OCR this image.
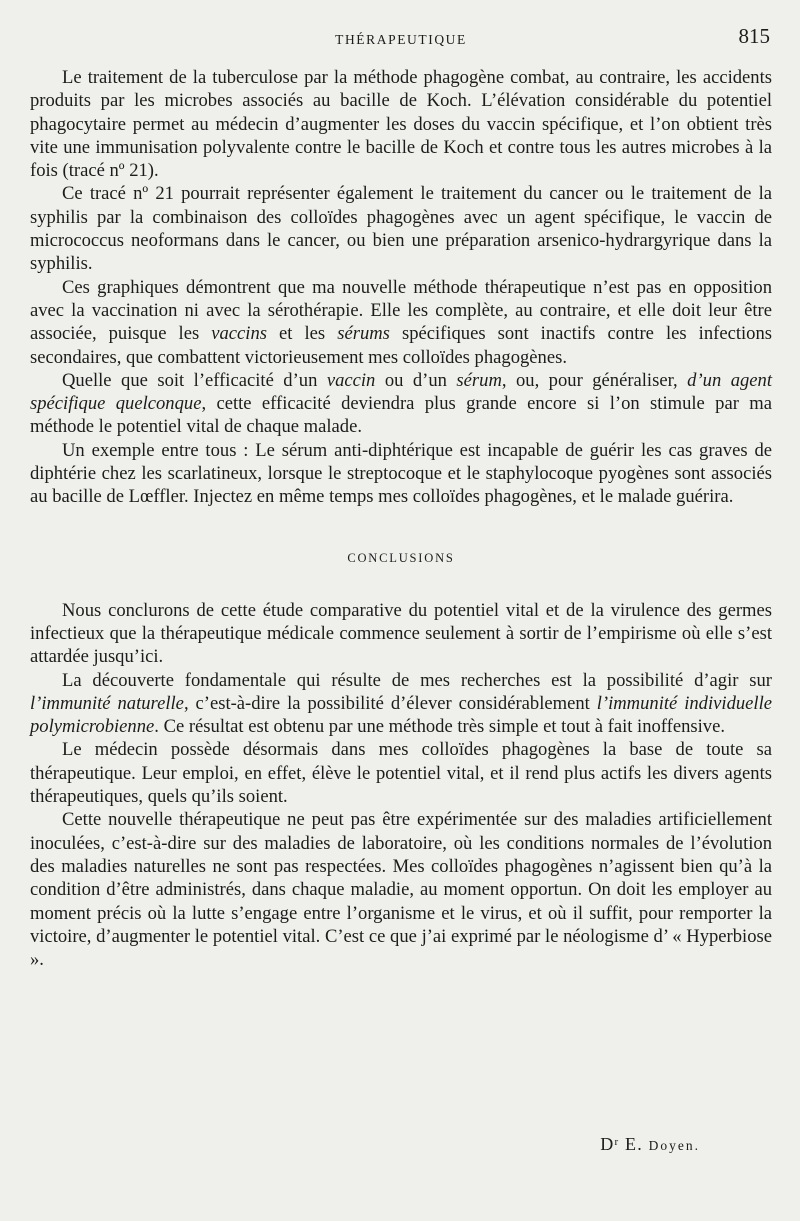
THÉRAPEUTIQUE	815

Le traitement de la tuberculose par la méthode phagogène combat, au contraire, les accidents produits par les microbes associés au bacille de Koch. L’élévation considérable du potentiel phagocytaire permet au médecin d’augmenter les doses du vaccin spécifique, et l’on obtient très vite une immunisation polyvalente contre le bacille de Koch et contre tous les autres microbes à la fois (tracé nº 21).

Ce tracé nº 21 pourrait représenter également le traitement du cancer ou le traitement de la syphilis par la combinaison des colloïdes phagogènes avec un agent spécifique, le vaccin de micrococcus neoformans dans le cancer, ou bien une préparation arsenico-hydrargyrique dans la syphilis.

Ces graphiques démontrent que ma nouvelle méthode thérapeutique n’est pas en opposition avec la vaccination ni avec la sérothérapie. Elle les complète, au contraire, et elle doit leur être associée, puisque les vaccins et les sérums spécifiques sont inactifs contre les infections secondaires, que combattent victorieusement mes colloïdes phagogènes.

Quelle que soit l’efficacité d’un vaccin ou d’un sérum, ou, pour généraliser, d’un agent spécifique quelconque, cette efficacité deviendra plus grande encore si l’on stimule par ma méthode le potentiel vital de chaque malade.

Un exemple entre tous : Le sérum anti-diphtérique est incapable de guérir les cas graves de diphtérie chez les scarlatineux, lorsque le streptocoque et le staphylocoque pyogènes sont associés au bacille de Lœffler. Injectez en même temps mes colloïdes phagogènes, et le malade guérira.

CONCLUSIONS

Nous conclurons de cette étude comparative du potentiel vital et de la virulence des germes infectieux que la thérapeutique médicale commence seulement à sortir de l’empirisme où elle s’est attardée jusqu’ici.

La découverte fondamentale qui résulte de mes recherches est la possibilité d’agir sur l’immunité naturelle, c’est-à-dire la possibilité d’élever considérablement l’immunité individuelle polymicrobienne. Ce résultat est obtenu par une méthode très simple et tout à fait inoffensive.

Le médecin possède désormais dans mes colloïdes phagogènes la base de toute sa thérapeutique. Leur emploi, en effet, élève le potentiel vital, et il rend plus actifs les divers agents thérapeutiques, quels qu’ils soient.

Cette nouvelle thérapeutique ne peut pas être expérimentée sur des maladies artificiellement inoculées, c’est-à-dire sur des maladies de laboratoire, où les conditions normales de l’évolution des maladies naturelles ne sont pas respectées. Mes colloïdes phagogènes n’agissent bien qu’à la condition d’être administrés, dans chaque maladie, au moment opportun. On doit les employer au moment précis où la lutte s’engage entre l’organisme et le virus, et où il suffit, pour remporter la victoire, d’augmenter le potentiel vital. C’est ce que j’ai exprimé par le néologisme d’ « Hyperbiose ».

$D^r$ E. Doyen.
